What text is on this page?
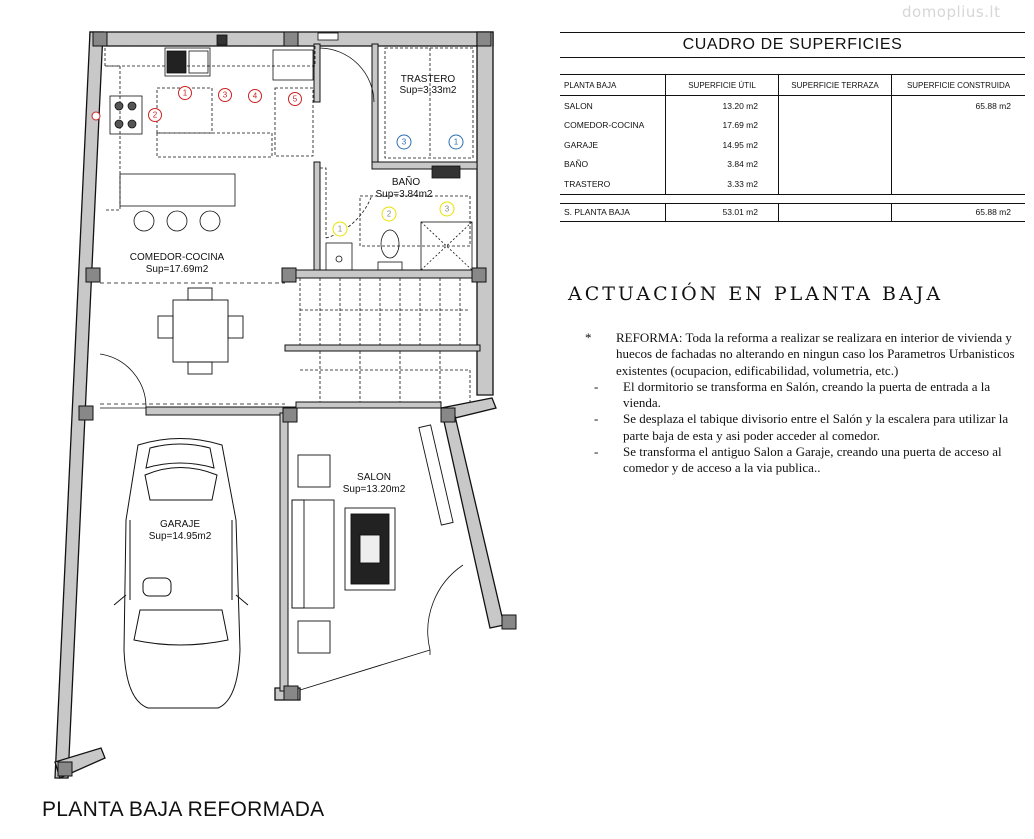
domoplius.lt
TRASTERO
Sup=3.33m2
BAÑO
Sup=3.84m2
COMEDOR-COCINA
Sup=17.69m2
GARAJE
Sup=14.95m2
SALON
Sup=13.20m2
1
2
3	4	5
3	1
1
2
3
PLANTA BAJA REFORMADA
CUADRO DE SUPERFICIES
PLANTA BAJA	SUPERFICIE ÚTIL	SUPERFICIE TERRAZA	SUPERFICIE CONSTRUIDA
SALON	13.20 m2		65.88 m2
COMEDOR-COCINA	17.69 m2		
GARAJE	14.95 m2		
BAÑO	3.84 m2		
TRASTERO	3.33 m2		

S. PLANTA BAJA	53.01 m2		65.88 m2
ACTUACIÓN EN PLANTA BAJA
* REFORMA: Toda la reforma a realizar se realizara en interior de vivienda y huecos de fachadas no alterando en ningun caso los Parametros Urbanisticos existentes (ocupacion, edificabilidad, volumetria, etc.)
- El dormitorio se transforma en Salón, creando la puerta de entrada a la vienda.
- Se desplaza el tabique divisorio entre el Salón y la escalera para utilizar la parte baja de esta y asi poder acceder al comedor.
- Se transforma el antiguo Salon a Garaje, creando una puerta de acceso al comedor y de acceso a la via publica..
